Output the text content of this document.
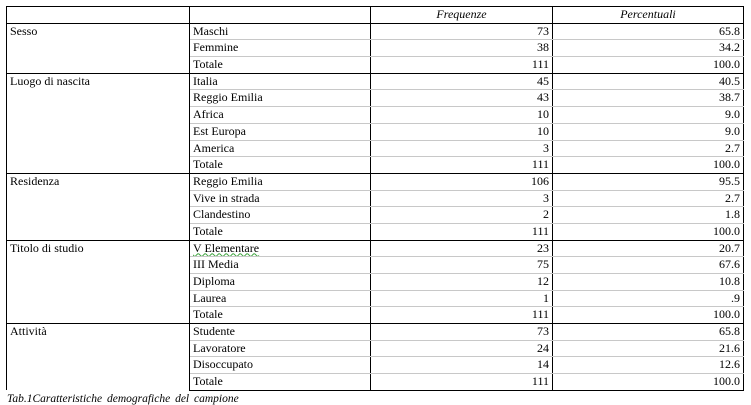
		Frequenze	Percentuali
Sesso	Maschi	73	65.8
	Femmine	38	34.2
	Totale	111	100.0
Luogo di nascita	Italia	45	40.5
	Reggio Emilia	43	38.7
	Africa	10	9.0
	Est Europa	10	9.0
	America	3	2.7
	Totale	111	100.0
Residenza	Reggio Emilia	106	95.5
	Vive in strada	3	2.7
	Clandestino	2	1.8
	Totale	111	100.0
Titolo di studio	V Elementare	23	20.7
	III Media	75	67.6
	Diploma	12	10.8
	Laurea	1	.9
	Totale	111	100.0
Attività	Studente	73	65.8
	Lavoratore	24	21.6
	Disoccupato	14	12.6
	Totale	111	100.0
Tab.1Caratteristiche demografiche del campione
